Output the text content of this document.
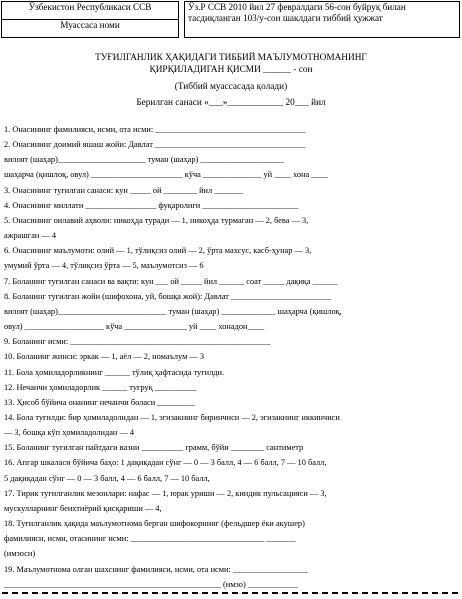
Ўзбекистон Республикаси ССВ
Муассаса номи
Ўз.Р ССВ 2010 йил 27 февралдаги 56-сон буйруқ билан тасдиқланган 103/у-сон шаклдаги тиббий ҳужжат
ТУҒИЛГАНЛИК ҲАҚИДАГИ ТИББИЙ МАЪЛУМОТНОМАНИНГ
ҚИРҚИЛАДИГАН ҚИСМИ ______ - сон
(Тиббий муассасада қолади)
Берилган санаси «___»____________ 20___ йил

1. Онасининг фамилияси, исми, ота исми: ____________________________________

2. Онасининг доимий яшаш жойи: Давлат ____________________________________

вилоят (шаҳар)_____________________ туман (шаҳар) ____________________

шаҳарча (қишлоқ, овул) ______________________ кўча ______________ уй ____ хона ____

3. Онасининг туғилган санаси: кун _____ ой ________ йил _______

4. Онасининг миллати _________________ фуқаролиги _______________________

5. Онасининг оилавий аҳволи: никоҳда туради — 1, никоҳда турмаган — 2, бева — 3,

ажрашган — 4

6. Онасининг маълумоти: олий — 1, тўлиқсиз олий — 2, ўрта махсус, касб-ҳунар — 3,

умумий ўрта — 4, тўлиқсиз ўрта — 5, маълумотсиз — 6

7. Боланинг туғилган санаси ва вақти: кун ___ ой _____ йил ______ соат _____ дақиқа ______

8. Боланинг туғилган жойи (шифохона, уй, бошқа жой): Давлат ________________________

вилоят (шаҳар)__________________________ туман (шаҳар) _____________ шаҳарча (қишлоқ,

овул) ___________________ кўча _______________ уй ____ хонадон____

9. Боланинг исми: ________________________________________________

10. Боланинг жинси: эркак — 1, аёл — 2, номаълум — 3

11. Бола ҳомиладорликнинг ______ тўлиқ ҳафтасида туғилди.

12. Нечанчи ҳомиладорлик ______ туғруқ __________

13. Ҳисоб бўйича онанинг нечанчи боласи _________

14. Бола туғилди: бир ҳомиладолидан — 1, эгизакнинг биринчиси — 2, эгизакнинг иккинчиси

— 3, бошқа кўп ҳомиладолидан — 4

15. Боланинг туғилган пайтдаги вазни __________ грамм, бўйи ________ сантиметр

16. Апгар шкаласи бўйича баҳо: 1 дақиқадан сўнг — 0 — 3 балл, 4 — 6 балл, 7 — 10 балл,

5 дақиқадан сўнг — 0 — 3 балл, 4 — 6 балл, 7 — 10 балл,

17. Тирик туғилганлик мезонлари: нафас — 1, юрак уриши — 2, киндик пульсацияси — 3,

мускулларнинг беихтиёрий қисқариши — 4,

18. Туғилганлик ҳақида маълумотнома берган шифокорнинг (фельдшер ёки акушер)

фамилияси, исми, отасининг исми: ________________________________ _______

(имзоси)

19. Маълумотнома олган шахснинг фамилияси, исми, ота исми: __________________

____________________________________________________ (имзо) ____________
